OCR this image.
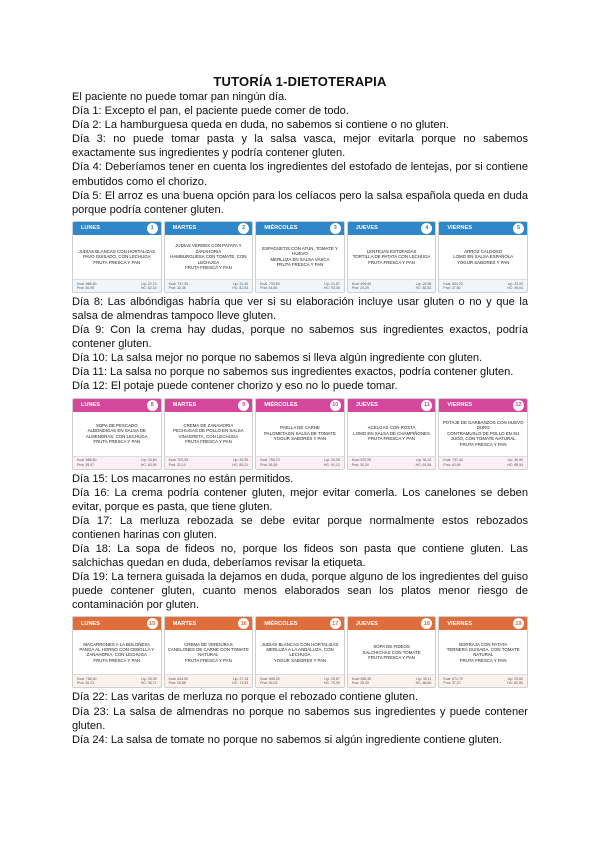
TUTORÍA 1-DIETOTERAPIA

El paciente no puede tomar pan ningún día.

Día 1: Excepto el pan, el paciente puede comer de todo.

Día 2: La hamburguesa queda en duda, no sabemos si contiene o no gluten.

Día 3: no puede tomar pasta y la salsa vasca, mejor evitarla porque no sabemos exactamente sus ingredientes y podría contener gluten.

Día 4: Deberíamos tener en cuenta los ingredientes del estofado de lentejas, por si contiene embutidos como el chorizo.

Día 5: El arroz es una buena opción para los celíacos pero la salsa española queda en duda porque podría contener gluten.

LUNES	1
JUDÍAS BLANCAS CON HORTALIZAS
PAVO GUISADO, CON LECHUGA
FRUTA FRESCA Y PAN
Kcal: 665,40
Prot: 40,99
Lip: 20,13
HC: 62,10
MARTES	2
JUDÍAS VERDES CON PATATA Y ZANAHORIA
HAMBURGUESA CON TOMATE, CON LECHUGA
FRUTA FRESCA Y PAN
Kcal: 737,35
Prot: 32,35
Lip: 31,40
HC: 81,04
MIÉRCOLES	3
ESPAGUETIS CON ATÚN, TOMATE Y HUEVO
MERLUZA EN SALSA VASCA
FRUTA FRESCA Y PAN
Kcal: 733,50
Prot: 34,66
Lip: 21,57
HC: 93,30
JUEVES	4
LENTEJAS ESTOFADAS
TORTILLA DE PATATA CON LECHUGA
FRUTA FRESCA Y PAN
Kcal: 699,60
Prot: 24,29
Lip: 29,55
HC: 82,81
VIERNES	5
ARROZ CALDOSO
LOMO EN SALSA ESPAÑOLA
YOGUR SABORES Y PAN
Kcal: 834,20
Prot: 37,50
Lip: 33,00
HC: 95,04

Día 8: Las albóndigas habría que ver si su elaboración incluye usar gluten o no y que la salsa de almendras tampoco lleve gluten.

Día 9: Con la crema hay dudas, porque no sabemos sus ingredientes exactos, podría contener gluten.

Día 10: La salsa mejor no porque no sabemos si lleva algún ingrediente con gluten.

Día 11: La salsa no porque no sabemos sus ingredientes exactos, podría contener gluten.

Día 12: El potaje puede contener chorizo y eso no lo puede tomar.

LUNES	8
SOPA DE PESCADO
ALBÓNDIGAS EN SALSA DE ALMENDRAS, CON LECHUGA
FRUTA FRESCA Y PAN
Kcal: 686,80
Prot: 35,07
Lip: 33,60
HC: 63,90
MARTES	9
CREMA DE ZANAHORIA
PECHUGAS DE POLLO EN SALSA VINAGRETA, CON LECHUGA
FRUTA FRESCA Y PAN
Kcal: 700,35
Prot: 32,10
Lip: 30,35
HC: 80,21
MIÉRCOLES	10
PAELLA DE CARNE
PALOMETA EN SALSA DE TOMATE
YOGUR SABORES Y PAN
Kcal: 756,70
Prot: 36,39
Lip: 26,35
HC: 91,12
JUEVES	11
ACELGAS CON ROSTA
LOMO EN SALSA DE CHAMPIÑONES
FRUTA FRESCA Y PAN
Kcal: 670,90
Prot: 30,20
Lip: 34,22
HC: 61,54
VIERNES	12
POTAJE DE GARBANZOS CON HUEVO DURO
CONTRAMUSLO DE POLLO EN SU JUGO, CON TOMATE NATURAL
FRUTA FRESCA Y PAN
Kcal: 797,40
Prot: 43,59
Lip: 30,90
HC: 88,94

Día 15: Los macarrones no están permitidos.

Día 16: La crema podría contener gluten, mejor evitar comerla. Los canelones se deben evitar, porque es pasta, que tiene gluten.

Día 17: La merluza rebozada se debe evitar porque normalmente estos rebozados contienen harinas con gluten.

Día 18: La sopa de fideos no, porque los fideos son pasta que contiene gluten. Las salchichas quedan en duda, deberíamos revisar la etiqueta.

Día 19: La ternera guisada la dejamos en duda, porque alguno de los ingredientes del guiso puede contener gluten, cuanto menos elaborados sean los platos menor riesgo de contaminación por gluten.

LUNES	15
MACARRONES A LA BOLOÑESA
PANGA AL HORNO CON CEBOLLA Y ZANAHORIA, CON LECHUGA
FRUTA FRESCA Y PAN
Kcal: 768,40
Prot: 39,21
Lip: 25,39
HC: 96,71
MARTES	16
CREMA DE VERDURAS
CANELONES DE CARNE CON TOMATE NATURAL
FRUTA FRESCA Y PAN
Kcal: 644,00
Prot: 25,88
Lip: 27,18
HC: 74,93
MIÉRCOLES	17
JUDÍAS BLANCAS CON HORTALIZAS
MERLUZA A LA ANDALUZA, CON LECHUGA
YOGUR SABORES Y PAN
Kcal: 695,20
Prot: 36,03
Lip: 25,87
HC: 79,90
JUEVES	18
SOPA DE FIDEOS
SALCHICHAS CON TOMATE
FRUTA FRESCA Y PAN
Kcal: 655,30
Prot: 28,00
Lip: 30,11
HC: 68,60
VIERNES	19
BORRAJA CON PATATA
TERNERA GUISADA, CON TOMATE NATURAL
FRUTA FRESCA Y PAN
Kcal: 671,70
Prot: 37,10
Lip: 29,60
HC: 62,50

Día 22: Las varitas de merluza no porque el rebozado contiene gluten.

Día 23: La salsa de almendras no porque no sabemos sus ingredientes y puede contener gluten.

Día 24: La salsa de tomate no porque no sabemos si algún ingrediente contiene gluten.
